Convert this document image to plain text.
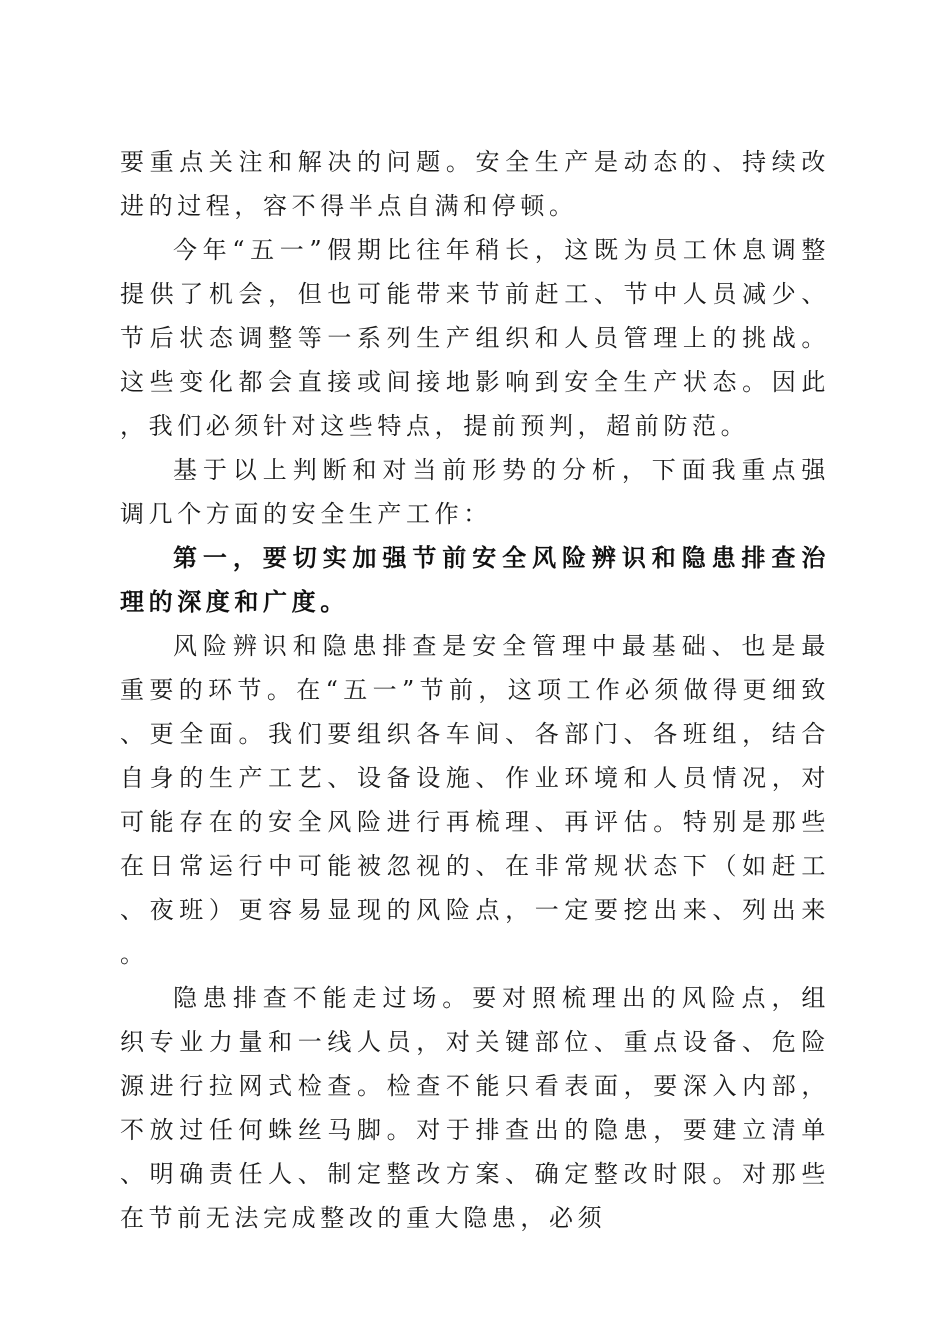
要重点关注和解决的问题。安全生产是动态的、持续改进的过程，容不得半点自满和停顿。

今年“五一”假期比往年稍长，这既为员工休息调整提供了机会，但也可能带来节前赶工、节中人员减少、节后状态调整等一系列生产组织和人员管理上的挑战。这些变化都会直接或间接地影响到安全生产状态。因此，我们必须针对这些特点，提前预判，超前防范。

基于以上判断和对当前形势的分析，下面我重点强调几个方面的安全生产工作：

第一，要切实加强节前安全风险辨识和隐患排查治理的深度和广度。

风险辨识和隐患排查是安全管理中最基础、也是最重要的环节。在“五一”节前，这项工作必须做得更细致、更全面。我们要组织各车间、各部门、各班组，结合自身的生产工艺、设备设施、作业环境和人员情况，对可能存在的安全风险进行再梳理、再评估。特别是那些在日常运行中可能被忽视的、在非常规状态下（如赶工、夜班）更容易显现的风险点，一定要挖出来、列出来。

隐患排查不能走过场。要对照梳理出的风险点，组织专业力量和一线人员，对关键部位、重点设备、危险源进行拉网式检查。检查不能只看表面，要深入内部，不放过任何蛛丝马脚。对于排查出的隐患，要建立清单、明确责任人、制定整改方案、确定整改时限。对那些在节前无法完成整改的重大隐患，必须
